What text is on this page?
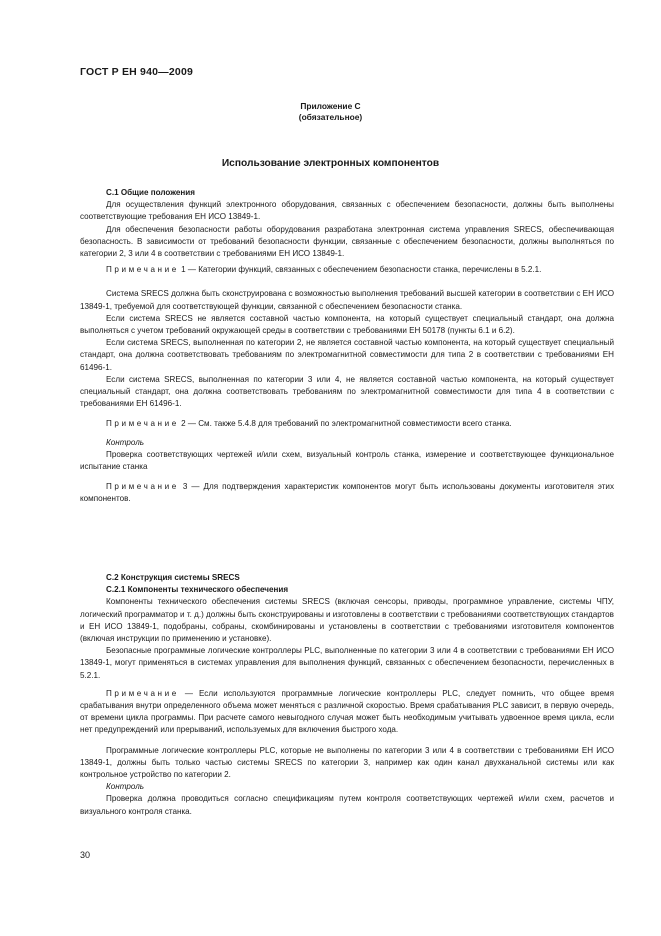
ГОСТ Р ЕН 940—2009
Приложение С
(обязательное)
Использование электронных компонентов

С.1 Общие положения

Для осуществления функций электронного оборудования, связанных с обеспечением безопасности, должны быть выполнены соответствующие требования ЕН ИСО 13849-1.

Для обеспечения безопасности работы оборудования разработана электронная система управления SRECS, обеспечивающая безопасность. В зависимости от требований безопасности функции, связанные с обеспечением безопасности, должны выполняться по категории 2, 3 или 4 в соответствии с требованиями ЕН ИСО 13849-1.

Примечание 1 — Категории функций, связанных с обеспечением безопасности станка, перечислены в 5.2.1.

Система SRECS должна быть сконструирована с возможностью выполнения требований высшей категории в соответствии с ЕН ИСО 13849-1, требуемой для соответствующей функции, связанной с обеспечением безопасности станка.

Если система SRECS не является составной частью компонента, на который существует специальный стандарт, она должна выполняться с учетом требований окружающей среды в соответствии с требованиями ЕН 50178 (пункты 6.1 и 6.2).

Если система SRECS, выполненная по категории 2, не является составной частью компонента, на который существует специальный стандарт, она должна соответствовать требованиям по электромагнитной совместимости для типа 2 в соответствии с требованиями ЕН 61496-1.

Если система SRECS, выполненная по категории 3 или 4, не является составной частью компонента, на который существует специальный стандарт, она должна соответствовать требованиям по электромагнитной совместимости для типа 4 в соответствии с требованиями ЕН 61496-1.

Примечание 2 — См. также 5.4.8 для требований по электромагнитной совместимости всего станка.

Контроль

Проверка соответствующих чертежей и/или схем, визуальный контроль станка, измерение и соответствующее функциональное испытание станка

Примечание 3 — Для подтверждения характеристик компонентов могут быть использованы документы изготовителя этих компонентов.

С.2 Конструкция системы SRECS

С.2.1 Компоненты технического обеспечения

Компоненты технического обеспечения системы SRECS (включая сенсоры, приводы, программное управление, системы ЧПУ, логический программатор и т. д.) должны быть сконструированы и изготовлены в соответствии с требованиями соответствующих стандартов и ЕН ИСО 13849-1, подобраны, собраны, скомбинированы и установлены в соответствии с требованиями изготовителя компонентов (включая инструкции по применению и установке).

Безопасные программные логические контроллеры PLC, выполненные по категории 3 или 4 в соответствии с требованиями ЕН ИСО 13849-1, могут применяться в системах управления для выполнения функций, связанных с обеспечением безопасности, перечисленных в 5.2.1.

Примечание — Если используются программные логические контроллеры PLC, следует помнить, что общее время срабатывания внутри определенного объема может меняться с различной скоростью. Время срабатывания PLC зависит, в первую очередь, от времени цикла программы. При расчете самого невыгодного случая может быть необходимым учитывать удвоенное время цикла, если нет предупреждений или прерываний, используемых для включения быстрого хода.

Программные логические контроллеры PLC, которые не выполнены по категории 3 или 4 в соответствии с требованиями ЕН ИСО 13849-1, должны быть только частью системы SRECS по категории 3, например как один канал двухканальной системы или как контрольное устройство по категории 2.

Контроль

Проверка должна проводиться согласно спецификациям путем контроля соответствующих чертежей и/или схем, расчетов и визуального контроля станка.

30
